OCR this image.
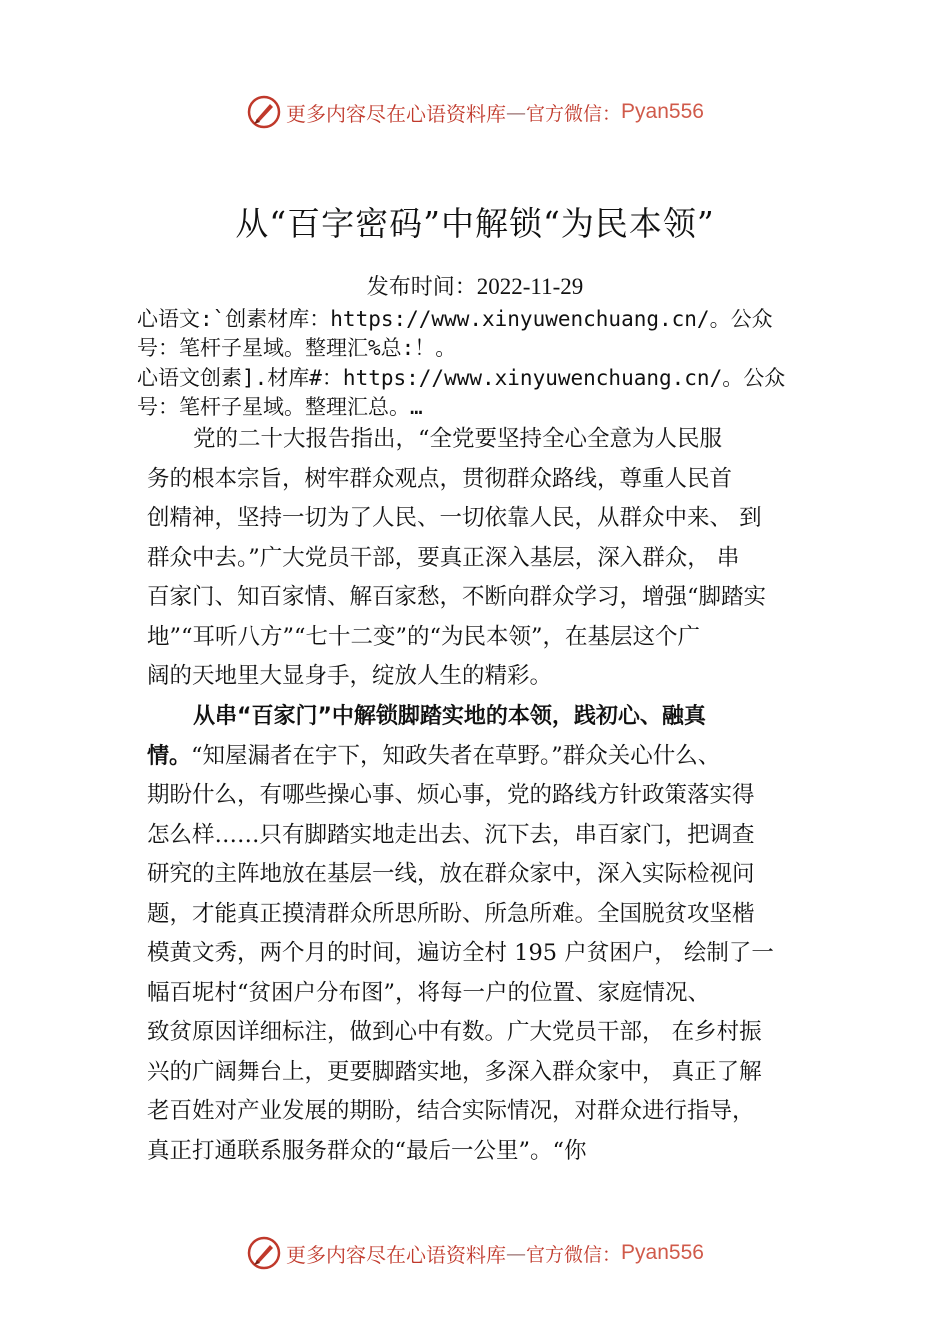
更多内容尽在心语资料库 — 官方微信： Pyan556
从“百字密码”中解锁“为民本领”
发布时间：2022-11-29
心语文:`创素材库：https://www.xinyuwenchuang.cn/。公众
号：笔杆子星域。整理汇%总:！。
心语文创素].材库#：https://www.xinyuwenchuang.cn/。公众
号：笔杆子星域。整理汇总。…
党的二十大报告指出，“全党要坚持全心全意为人民服
务的根本宗旨，树牢群众观点，贯彻群众路线，尊重人民首
创精神，坚持一切为了人民、一切依靠人民，从群众中来、 到
群众中去。”广大党员干部，要真正深入基层，深入群众， 串
百家门、知百家情、解百家愁，不断向群众学习，增强“脚踏实
地”“耳听八方”“七十二变”的“为民本领”，在基层这个广
阔的天地里大显身手，绽放人生的精彩。
从串“百家门”中解锁脚踏实地的本领，践初心、融真
情。“知屋漏者在宇下，知政失者在草野。”群众关心什么、
期盼什么，有哪些操心事、烦心事，党的路线方针政策落实得
怎么样……只有脚踏实地走出去、沉下去，串百家门，把调查
研究的主阵地放在基层一线，放在群众家中，深入实际检视问
题，才能真正摸清群众所思所盼、所急所难。全国脱贫攻坚楷
模黄文秀，两个月的时间，遍访全村 195 户贫困户， 绘制了一
幅百坭村“贫困户分布图”，将每一户的位置、家庭情况、
致贫原因详细标注，做到心中有数。广大党员干部， 在乡村振
兴的广阔舞台上，更要脚踏实地，多深入群众家中， 真正了解
老百姓对产业发展的期盼，结合实际情况，对群众进行指导，
真正打通联系服务群众的“最后一公里”。“你
更多内容尽在心语资料库 — 官方微信： Pyan556
